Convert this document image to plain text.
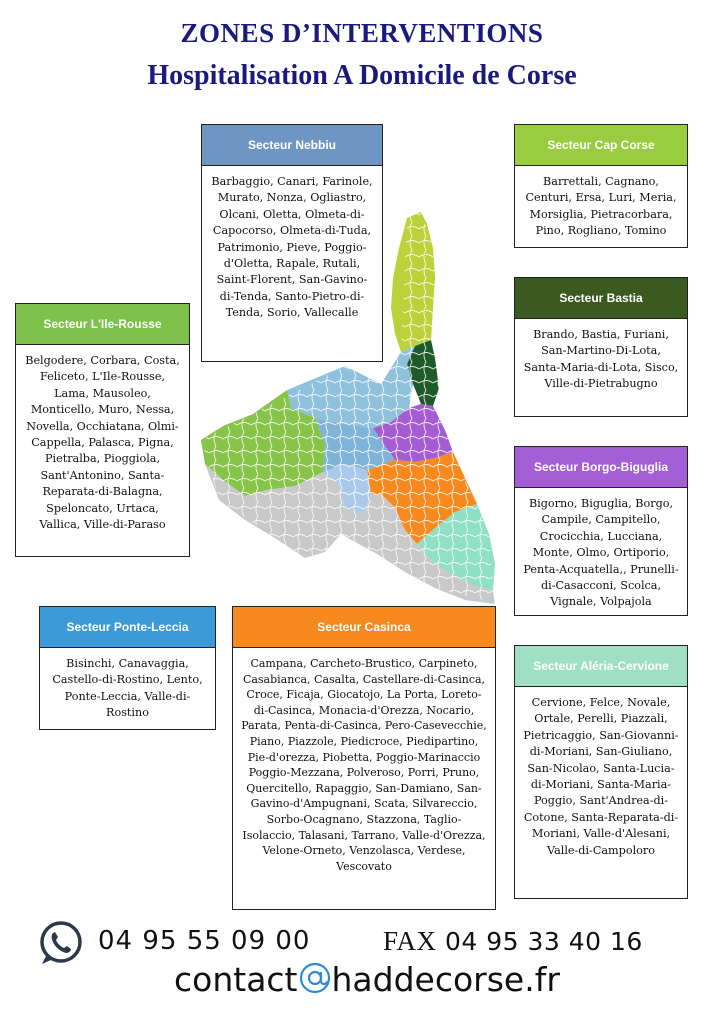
ZONES D’INTERVENTIONS
Hospitalisation A Domicile de Corse
Secteur Nebbiu
Barbaggio, Canari, Farinole, Murato, Nonza, Ogliastro, Olcani, Oletta, Olmeta-di-Capocorso, Olmeta-di-Tuda, Patrimonio, Pieve, Poggio-d'Oletta, Rapale, Rutali, Saint-Florent, San-Gavino-di-Tenda, Santo-Pietro-di-Tenda, Sorio, Vallecalle
Secteur Cap Corse
Barrettali, Cagnano, Centuri, Ersa, Luri, Meria, Morsiglia, Pietracorbara, Pino, Rogliano, Tomino
Secteur L'Ile-Rousse
Belgodere, Corbara, Costa, Feliceto, L'Ile-Rousse, Lama, Mausoleo, Monticello, Muro, Nessa, Novella, Occhiatana, Olmi-Cappella, Palasca, Pigna, Pietralba, Pioggiola, Sant'Antonino, Santa-Reparata-di-Balagna, Speloncato, Urtaca, Vallica, Ville-di-Paraso
Secteur Bastia
Brando, Bastia, Furiani, San-Martino-Di-Lota, Santa-Maria-di-Lota, Sisco, Ville-di-Pietrabugno
Secteur Borgo-Biguglia
Bigorno, Biguglia, Borgo, Campile, Campitello, Crocicchia, Lucciana, Monte, Olmo, Ortiporio, Penta-Acquatella,, Prunelli-di-Casacconi, Scolca, Vignale, Volpajola
Secteur Ponte-Leccia
Bisinchi, Canavaggia, Castello-di-Rostino, Lento, Ponte-Leccia, Valle-di-Rostino
Secteur Casinca
Campana, Carcheto-Brustico, Carpineto, Casabianca, Casalta, Castellare-di-Casinca, Croce, Ficaja, Giocatojo, La Porta, Loreto-di-Casinca, Monacia-d'Orezza, Nocario, Parata, Penta-di-Casinca, Pero-Casevecchie, Piano, Piazzole, Piedicroce, Piedipartino, Pie-d'orezza, Piobetta, Poggio-Marinaccio Poggio-Mezzana, Polveroso, Porri, Pruno, Quercitello, Rapaggio, San-Damiano, San-Gavino-d'Ampugnani, Scata, Silvareccio, Sorbo-Ocagnano, Stazzona, Taglio-Isolaccio, Talasani, Tarrano, Valle-d'Orezza, Velone-Orneto, Venzolasca, Verdese, Vescovato
Secteur Aléria-Cervione
Cervione, Felce, Novale, Ortale, Perelli, Piazzali, Pietricaggio, San-Giovanni-di-Moriani, San-Giuliano, San-Nicolao, Santa-Lucia-di-Moriani, Santa-Maria-Poggio, Sant'Andrea-di-Cotone, Santa-Reparata-di-Moriani, Valle-d'Alesani, Valle-di-Campoloro
04 95 55 09 00	FAX 04 95 33 40 16
contact haddecorse.fr
